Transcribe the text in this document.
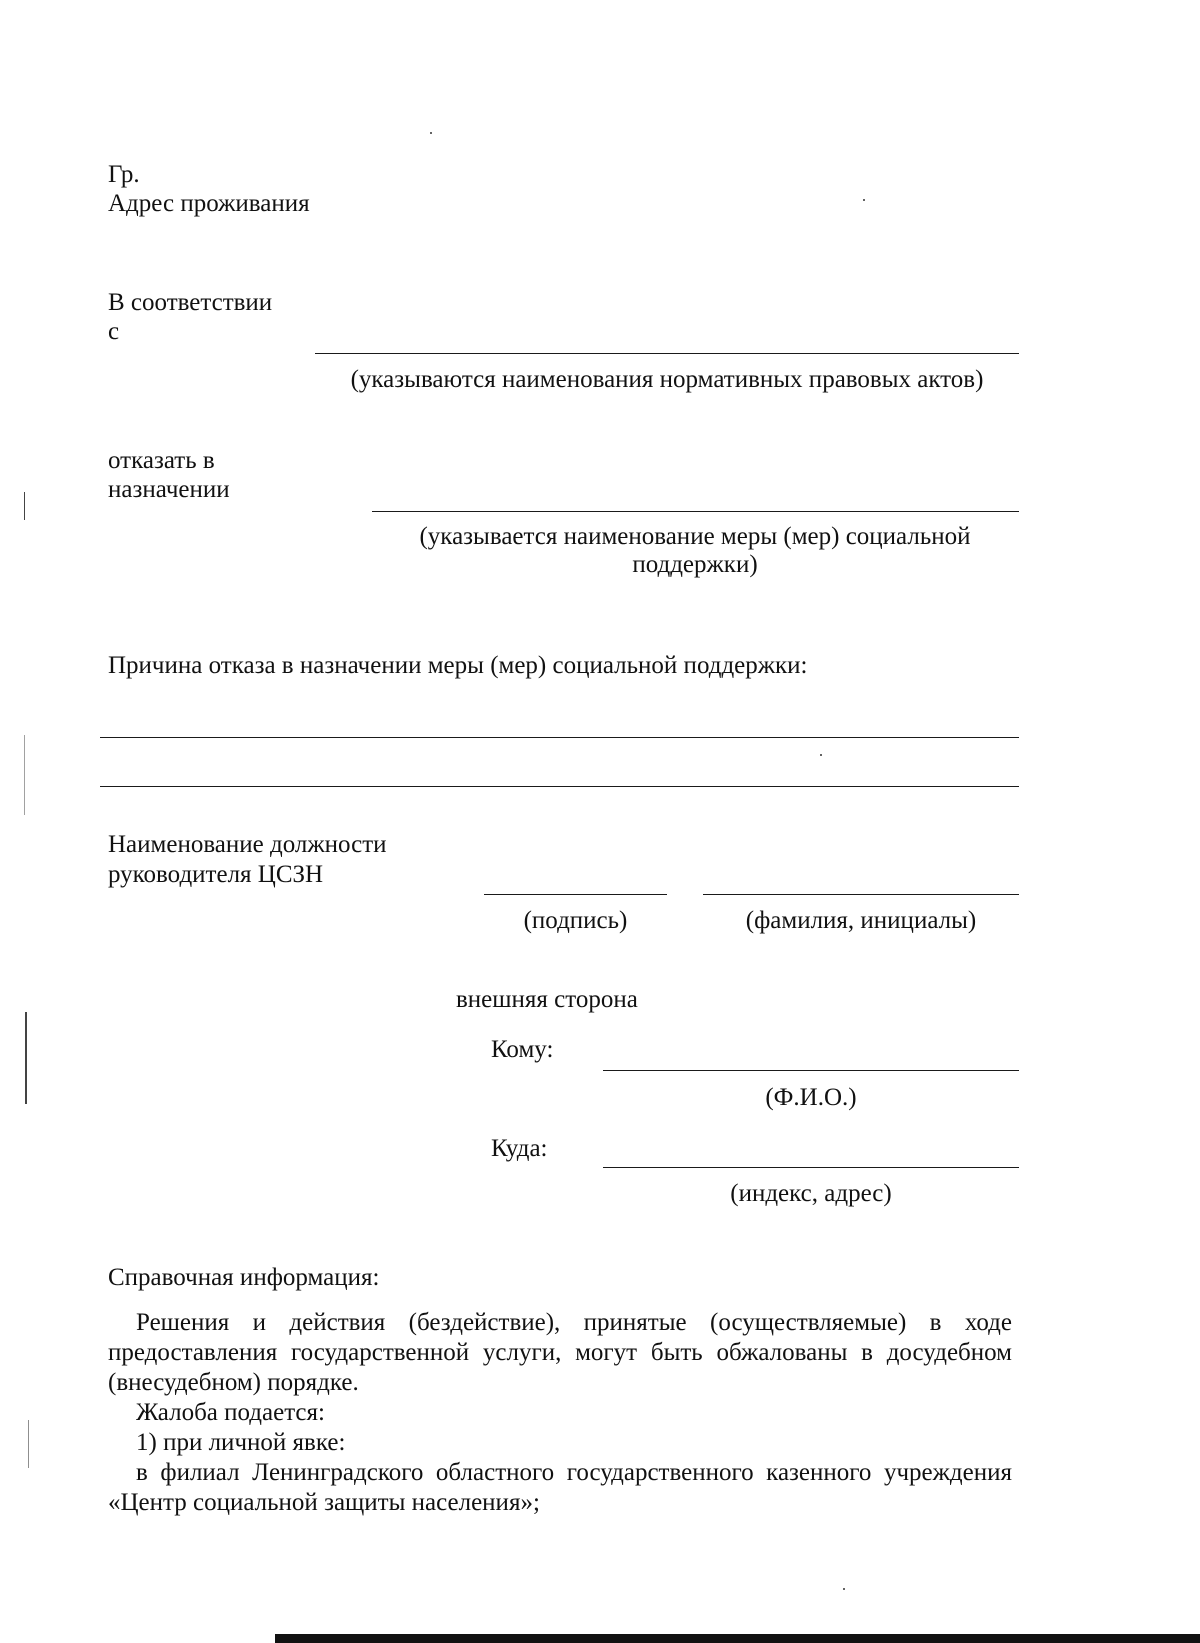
Гр.
Адрес проживания
В соответствии
с
(указываются наименования нормативных правовых актов)
отказать в
назначении
(указывается наименование меры (мер) социальной поддержки)
Причина отказа в назначении меры (мер) социальной поддержки:
Наименование должности
руководителя ЦСЗН
(подпись)	(фамилия, инициалы)
внешняя сторона
Кому:
(Ф.И.О.)
Куда:
(индекс, адрес)
Справочная информация:

Решения и действия (бездействие), принятые (осуществляемые) в ходе предоставления государственной услуги, могут быть обжалованы в досудебном (внесудебном) порядке.

Жалоба подается:

1) при личной явке:

в филиал Ленинградского областного государственного казенного учреждения «Центр социальной защиты населения»;
